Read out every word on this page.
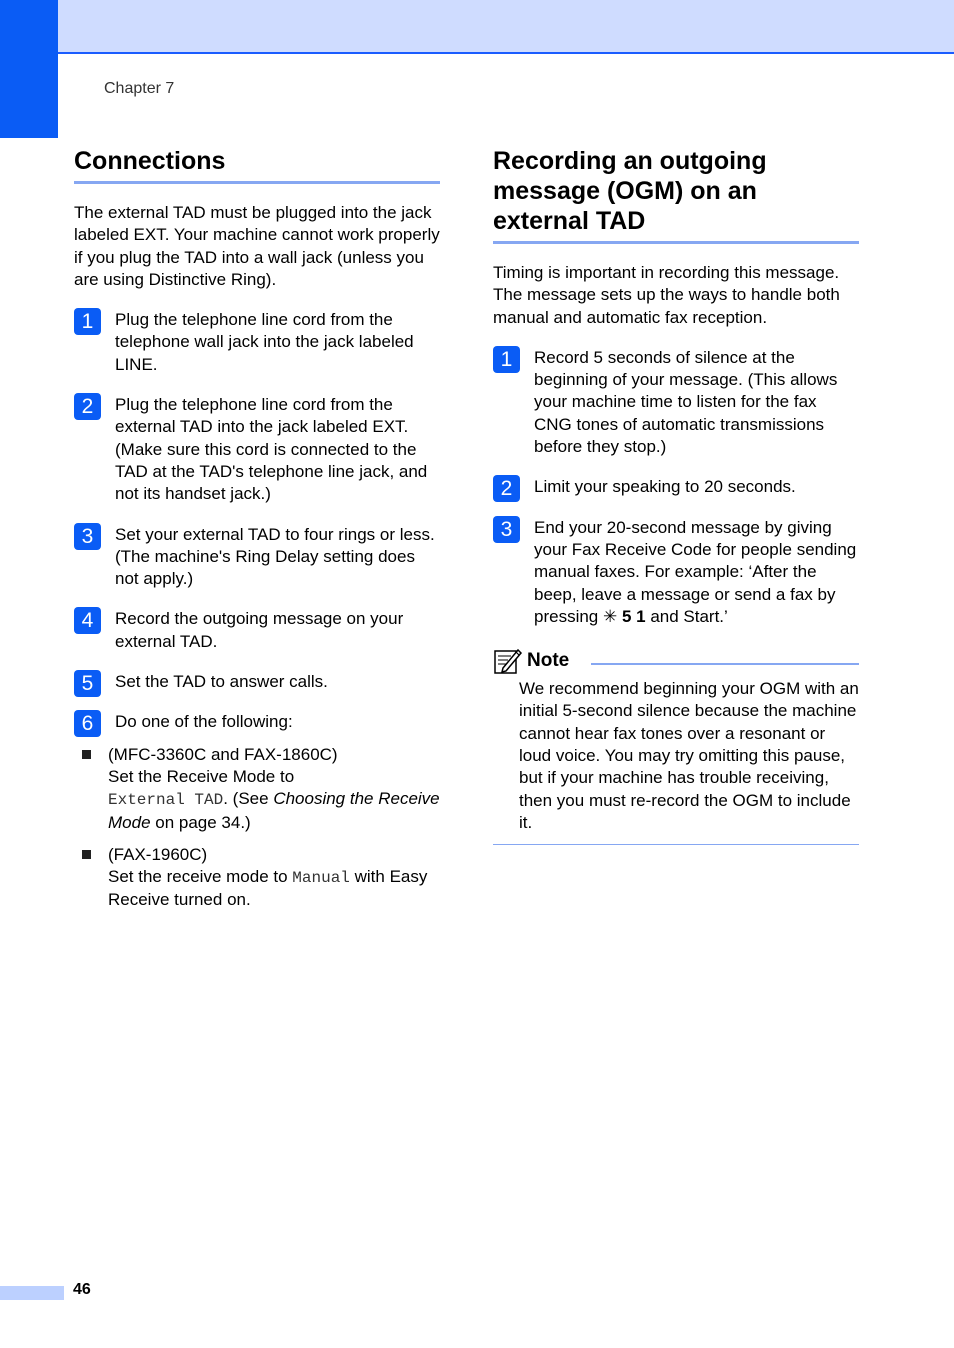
Chapter 7
Connections

The external TAD must be plugged into the jack labeled EXT. Your machine cannot work properly if you plug the TAD into a wall jack (unless you are using Distinctive Ring).

1	Plug the telephone line cord from the telephone wall jack into the jack labeled LINE.

2	Plug the telephone line cord from the external TAD into the jack labeled EXT. (Make sure this cord is connected to the TAD at the TAD's telephone line jack, and not its handset jack.)

3	Set your external TAD to four rings or less. (The machine's Ring Delay setting does not apply.)

4	Record the outgoing message on your external TAD.

5	Set the TAD to answer calls.

6	Do one of the following:

(MFC-3360C and FAX-1860C)
Set the Receive Mode to
External TAD. (See Choosing the Receive Mode on page 34.)

(FAX-1960C)
Set the receive mode to Manual with Easy Receive turned on.

Recording an outgoing message (OGM) on an external TAD

Timing is important in recording this message. The message sets up the ways to handle both manual and automatic fax reception.

1	Record 5 seconds of silence at the beginning of your message. (This allows your machine time to listen for the fax CNG tones of automatic transmissions before they stop.)

2	Limit your speaking to 20 seconds.

3	End your 20-second message by giving your Fax Receive Code for people sending manual faxes. For example: ‘After the beep, leave a message or send a fax by pressing ✳ 5 1 and Start.’

Note

We recommend beginning your OGM with an initial 5-second silence because the machine cannot hear fax tones over a resonant or loud voice. You may try omitting this pause, but if your machine has trouble receiving, then you must re-record the OGM to include it.

46
